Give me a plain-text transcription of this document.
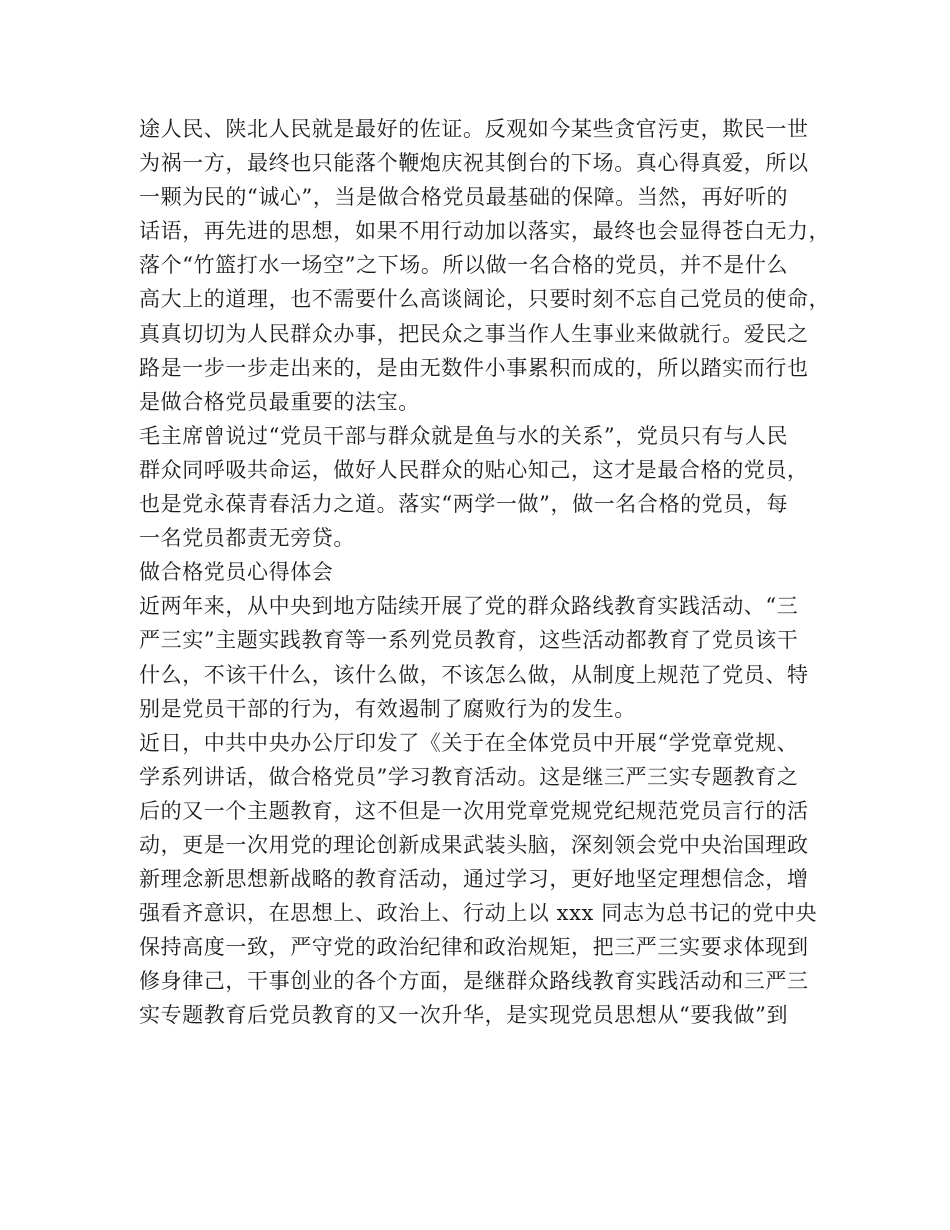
途人民、陕北人民就是最好的佐证。反观如今某些贪官污吏，欺民一世
为祸一方，最终也只能落个鞭炮庆祝其倒台的下场。真心得真爱，所以
一颗为民的“诚心”，当是做合格党员最基础的保障。当然，再好听的
话语，再先进的思想，如果不用行动加以落实，最终也会显得苍白无力，
落个“竹篮打水一场空”之下场。所以做一名合格的党员，并不是什么
高大上的道理，也不需要什么高谈阔论，只要时刻不忘自己党员的使命，
真真切切为人民群众办事，把民众之事当作人生事业来做就行。爱民之
路是一步一步走出来的，是由无数件小事累积而成的，所以踏实而行也
是做合格党员最重要的法宝。
毛主席曾说过“党员干部与群众就是鱼与水的关系”，党员只有与人民
群众同呼吸共命运，做好人民群众的贴心知己，这才是最合格的党员，
也是党永葆青春活力之道。落实“两学一做”，做一名合格的党员，每
一名党员都责无旁贷。
做合格党员心得体会
近两年来，从中央到地方陆续开展了党的群众路线教育实践活动、“三
严三实”主题实践教育等一系列党员教育，这些活动都教育了党员该干
什么，不该干什么，该什么做，不该怎么做，从制度上规范了党员、特
别是党员干部的行为，有效遏制了腐败行为的发生。
近日，中共中央办公厅印发了《关于在全体党员中开展“学党章党规、
学系列讲话，做合格党员”学习教育活动。这是继三严三实专题教育之
后的又一个主题教育，这不但是一次用党章党规党纪规范党员言行的活
动，更是一次用党的理论创新成果武装头脑，深刻领会党中央治国理政
新理念新思想新战略的教育活动，通过学习，更好地坚定理想信念，增
强看齐意识，在思想上、政治上、行动上以 xxx 同志为总书记的党中央
保持高度一致，严守党的政治纪律和政治规矩，把三严三实要求体现到
修身律己，干事创业的各个方面，是继群众路线教育实践活动和三严三
实专题教育后党员教育的又一次升华，是实现党员思想从“要我做”到
